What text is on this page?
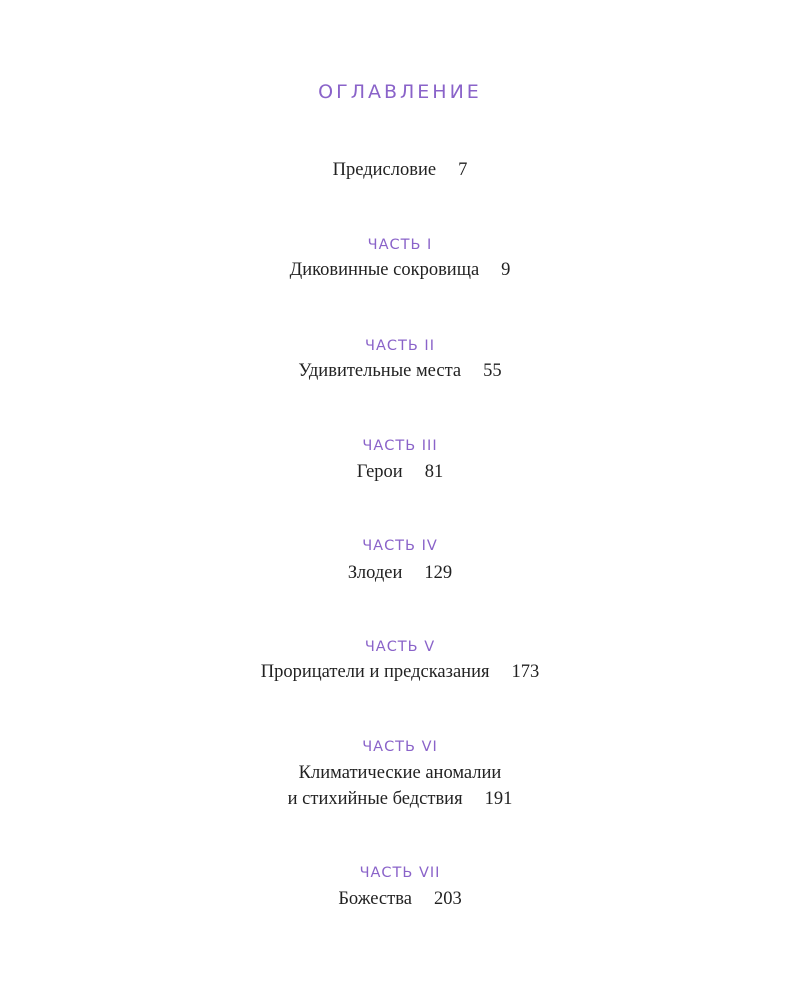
ОГЛАВЛЕНИЕ
Предисловие 7
ЧАСТЬ I
Диковинные сокровища 9
ЧАСТЬ II
Удивительные места 55
ЧАСТЬ III
Герои 81
ЧАСТЬ IV
Злодеи 129
ЧАСТЬ V
Прорицатели и предсказания 173
ЧАСТЬ VI
Климатические аномалии
и стихийные бедствия 191
ЧАСТЬ VII
Божества 203
